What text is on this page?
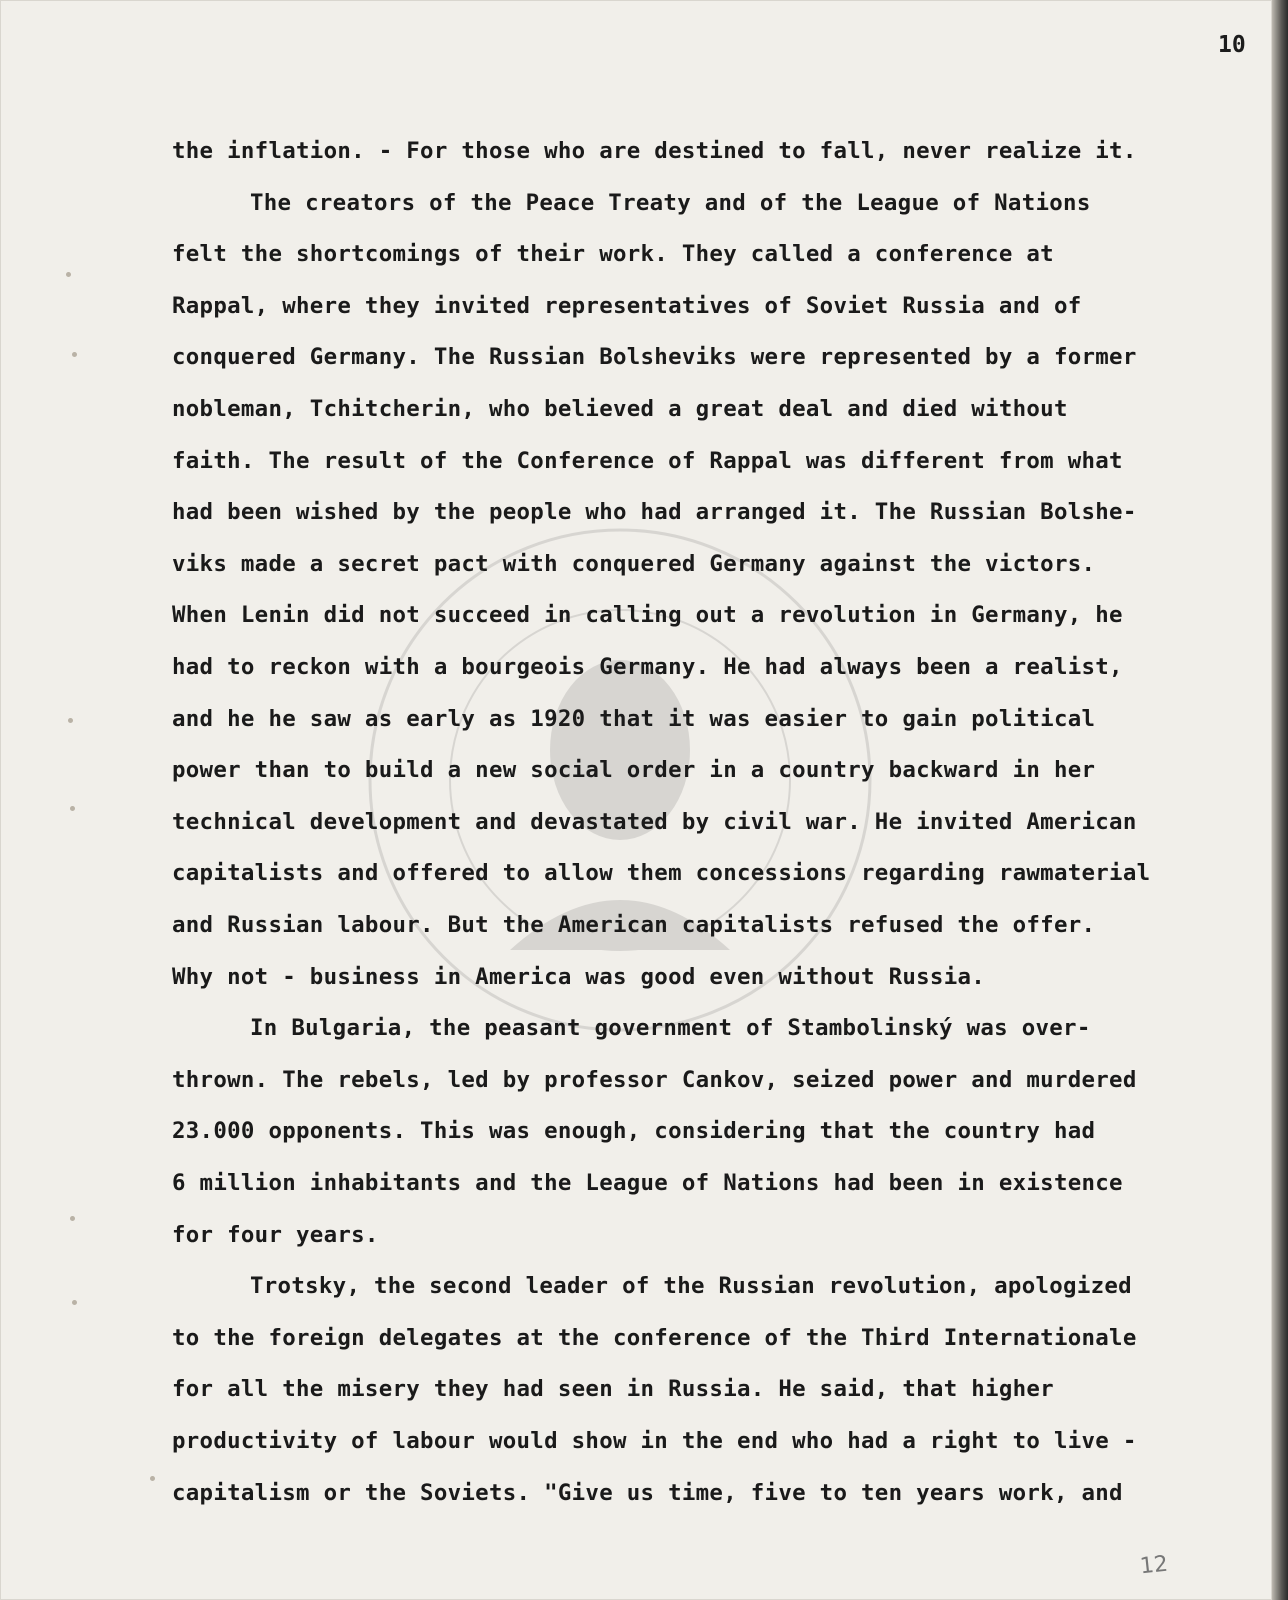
10
the inflation. - For those who are destined to fall, never realize it.
The creators of the Peace Treaty and of the League of Nations
felt the shortcomings of their work. They called a conference at
Rappal, where they invited representatives of Soviet Russia and of
conquered Germany. The Russian Bolsheviks were represented by a former
nobleman, Tchitcherin, who believed a great deal and died without
faith. The result of the Conference of Rappal was different from what
had been wished by the people who had arranged it. The Russian Bolshe-
viks made a secret pact with conquered Germany against the victors.
When Lenin did not succeed in calling out a revolution in Germany, he
had to reckon with a bourgeois Germany. He had always been a realist,
and he he saw as early as 1920 that it was easier to gain political
power than to build a new social order in a country backward in her
technical development and devastated by civil war. He invited American
capitalists and offered to allow them concessions regarding rawmaterial
and Russian labour. But the American capitalists refused the offer.
Why not - business in America was good even without Russia.
In Bulgaria, the peasant government of Stambolinský was over-
thrown. The rebels, led by professor Cankov, seized power and murdered
23.000 opponents. This was enough, considering that the country had
6 million inhabitants and the League of Nations had been in existence
for four years.
Trotsky, the second leader of the Russian revolution, apologized
to the foreign delegates at the conference of the Third Internationale
for all the misery they had seen in Russia. He said, that higher
productivity of labour would show in the end who had a right to live -
capitalism or the Soviets. "Give us time, five to ten years work, and
12
